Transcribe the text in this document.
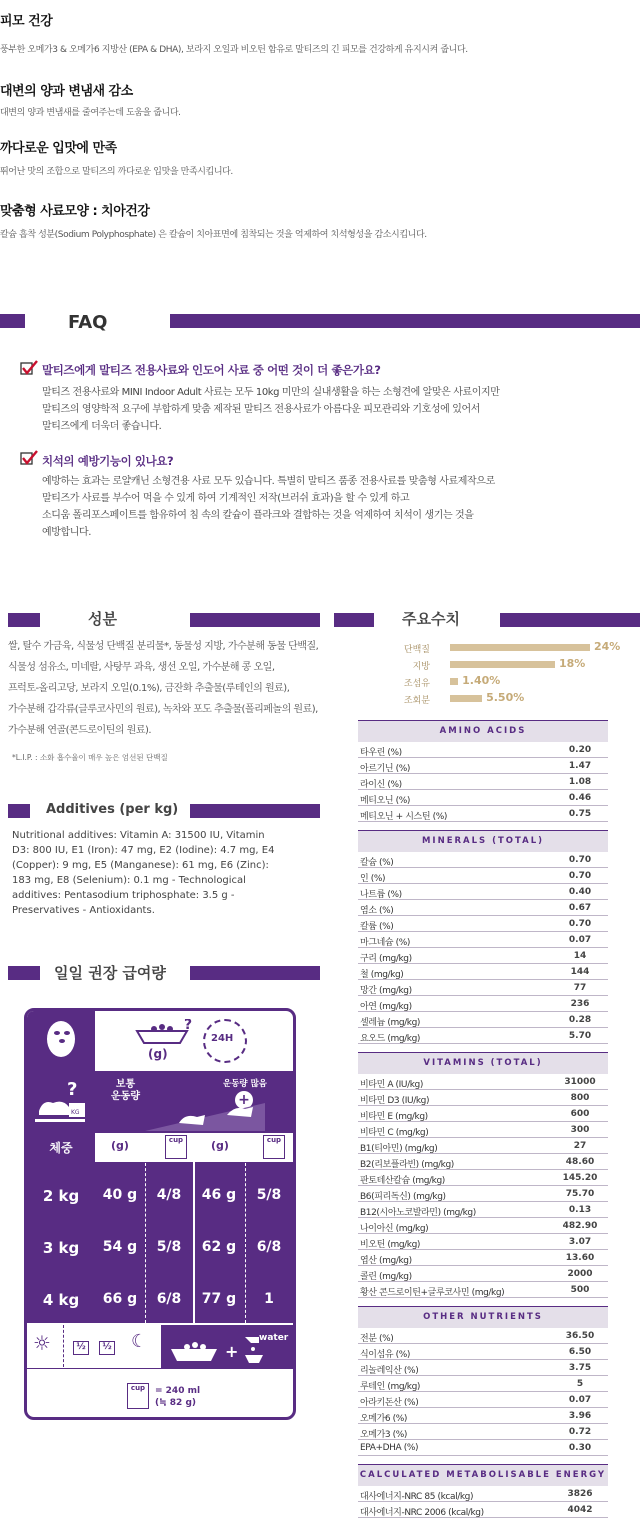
피모 건강
풍부한 오메가3 & 오메가6 지방산 (EPA & DHA), 보라지 오일과 비오틴 함유로 말티즈의 긴 피모를 건강하게 유지시켜 줍니다.
대변의 양과 변냄새 감소
대변의 양과 변냄새를 줄여주는데 도움을 줍니다.
까다로운 입맛에 만족
뛰어난 맛의 조합으로 말티즈의 까다로운 입맛을 만족시킵니다.
맞춤형 사료모양 : 치아건강
칼슘 흡착 성분(Sodium Polyphosphate) 은 칼슘이 치아표면에 침착되는 것을 억제하여 치석형성을 감소시킵니다.
FAQ
말티즈에게 말티즈 전용사료와 인도어 사료 중 어떤 것이 더 좋은가요?
말티즈 전용사료와 MINI Indoor Adult 사료는 모두 10kg 미만의 실내생활을 하는 소형견에 알맞은 사료이지만
말티즈의 영양학적 요구에 부합하게 맞춤 제작된 말티즈 전용사료가 아름다운 피모관리와 기호성에 있어서
말티즈에게 더욱더 좋습니다.
치석의 예방기능이 있나요?
예방하는 효과는 로얄캐닌 소형견용 사료 모두 있습니다. 특별히 말티즈 품종 전용사료를 맞춤형 사료제작으로
말티즈가 사료를 부수어 먹을 수 있게 하여 기계적인 저작(브러쉬 효과)을 할 수 있게 하고
소디움 폴리포스페이트를 함유하여 침 속의 칼슘이 플라크와 결합하는 것을 억제하여 치석이 생기는 것을
예방합니다.
성분
쌀, 탈수 가금육, 식물성 단백질 분리물*, 동물성 지방, 가수분해 동물 단백질,
식물성 섬유소, 미네랄, 사탕무 과육, 생선 오일, 가수분해 콩 오일,
프럭토-올리고당, 보라지 오일(0.1%), 금잔화 추출물(루테인의 원료),
가수분해 갑각류(글루코사민의 원료), 녹차와 포도 추출물(폴리페놀의 원료),
가수분해 연골(콘드로이틴의 원료).
*L.I.P. : 소화 흡수율이 매우 높은 엄선된 단백질
Additives (per kg)
Nutritional additives: Vitamin A: 31500 IU, Vitamin
D3: 800 IU, E1 (Iron): 47 mg, E2 (Iodine): 4.7 mg, E4
(Copper): 9 mg, E5 (Manganese): 61 mg, E6 (Zinc):
183 mg, E8 (Selenium): 0.1 mg - Technological
additives: Pentasodium triphosphate: 3.5 g -
Preservatives - Antioxidants.
일일 권장 급여량
?
(g)
24H
?
KG
보통
운동량
운동량 많음
+
체중	(g)	cup	(g)	cup
2 kg	40 g	4/8	46 g	5/8
3 kg	54 g	5/8	62 g	6/8
4 kg	66 g	6/8	77 g	1
☼	½	½ ☾	+
water
cup	= 240 ml
(≒ 82 g)
주요수치
단백질	24%
지방	18%
조섬유	1.40%
조회분	5.50%
AMINO ACIDS
타우린 (%)	0.20
아르기닌 (%)	1.47
라이신 (%)	1.08
메티오닌 (%)	0.46
메티오닌 + 시스틴 (%)	0.75
MINERALS (TOTAL)
칼슘 (%)	0.70
인 (%)	0.70
나트륨 (%)	0.40
염소 (%)	0.67
칼륨 (%)	0.70
마그네슘 (%)	0.07
구리 (mg/kg)	14
철 (mg/kg)	144
망간 (mg/kg)	77
아연 (mg/kg)	236
셀레늄 (mg/kg)	0.28
요오드 (mg/kg)	5.70
VITAMINS (TOTAL)
비타민 A (IU/kg)	31000
비타민 D3 (IU/kg)	800
비타민 E (mg/kg)	600
비타민 C (mg/kg)	300
B1(티아민) (mg/kg)	27
B2(리보플라빈) (mg/kg)	48.60
판토테산칼슘 (mg/kg)	145.20
B6(피리독신) (mg/kg)	75.70
B12(시아노코발라민) (mg/kg)	0.13
나이아신 (mg/kg)	482.90
비오틴 (mg/kg)	3.07
엽산 (mg/kg)	13.60
콜린 (mg/kg)	2000
황산 콘드로이틴+글루코사민 (mg/kg)	500
OTHER NUTRIENTS
전분 (%)	36.50
식이섬유 (%)	6.50
리놀레익산 (%)	3.75
루테인 (mg/kg)	5
아라키돈산 (%)	0.07
오메가6 (%)	3.96
오메가3 (%)	0.72
EPA+DHA (%)	0.30
CALCULATED METABOLISABLE ENERGY
대사에너지-NRC 85 (kcal/kg)	3826
대사에너지-NRC 2006 (kcal/kg)	4042
